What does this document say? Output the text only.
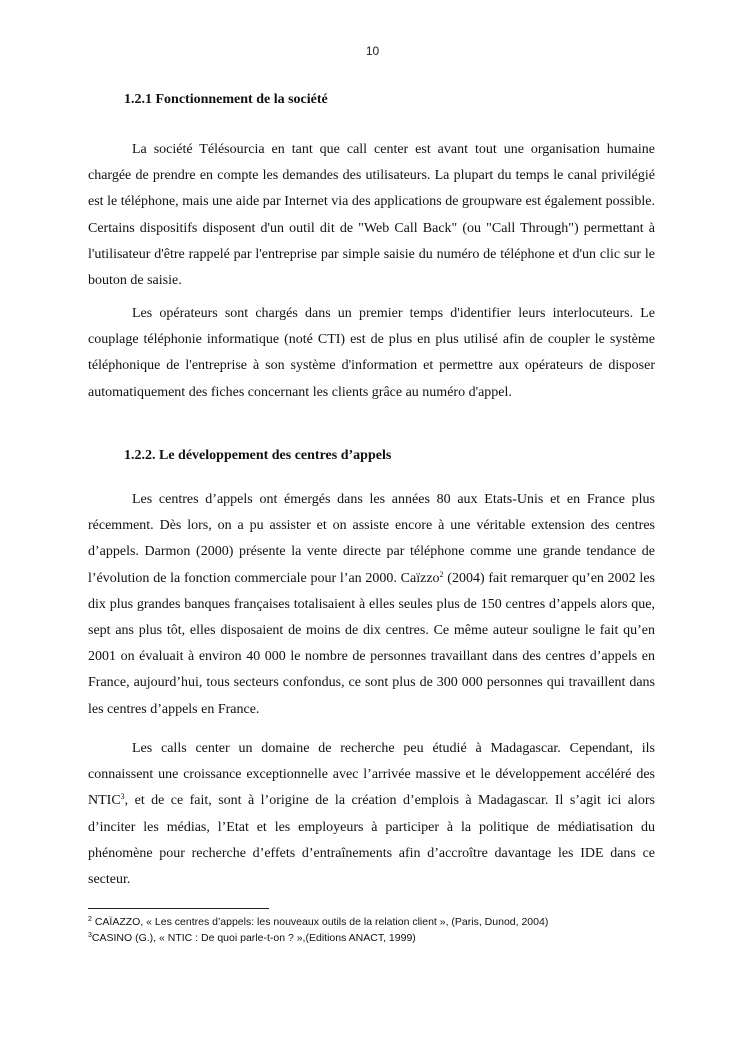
10
1.2.1 Fonctionnement de la société

La société Télésourcia en tant que call center est avant tout une organisation humaine chargée de prendre en compte les demandes des utilisateurs. La plupart du temps le canal privilégié est le téléphone, mais une aide par Internet via des applications de groupware est également possible. Certains dispositifs disposent d'un outil dit de "Web Call Back" (ou "Call Through") permettant à l'utilisateur d'être rappelé par l'entreprise par simple saisie du numéro de téléphone et d'un clic sur le bouton de saisie.

Les opérateurs sont chargés dans un premier temps d'identifier leurs interlocuteurs. Le couplage téléphonie informatique (noté CTI) est de plus en plus utilisé afin de coupler le système téléphonique de l'entreprise à son système d'information et permettre aux opérateurs de disposer automatiquement des fiches concernant les clients grâce au numéro d'appel.

1.2.2. Le développement des centres d’appels

Les centres d’appels ont émergés dans les années 80 aux Etats-Unis et en France plus récemment. Dès lors, on a pu assister et on assiste encore à une véritable extension des centres d’appels. Darmon (2000) présente la vente directe par téléphone comme une grande tendance de l’évolution de la fonction commerciale pour l’an 2000. Caïzzo$^2$ (2004) fait remarquer qu’en 2002 les dix plus grandes banques françaises totalisaient à elles seules plus de 150 centres d’appels alors que, sept ans plus tôt, elles disposaient de moins de dix centres. Ce même auteur souligne le fait qu’en 2001 on évaluait à environ 40 000 le nombre de personnes travaillant dans des centres d’appels en France, aujourd’hui, tous secteurs confondus, ce sont plus de 300 000 personnes qui travaillent dans les centres d’appels en France.

Les calls center un domaine de recherche peu étudié à Madagascar. Cependant, ils connaissent une croissance exceptionnelle avec l’arrivée massive et le développement accéléré des NTIC$^3$, et de ce fait, sont à l’origine de la création d’emplois à Madagascar. Il s’agit ici alors d’inciter les médias, l’Etat et les employeurs à participer à la politique de médiatisation du phénomène pour recherche d’effets d’entraînements afin d’accroître davantage les IDE dans ce secteur.

$^2$ CAÏAZZO, « Les centres d’appels: les nouveaux outils de la relation client », (Paris, Dunod, 2004)
$^3$CASINO (G.), « NTIC : De quoi parle-t-on ? »,(Editions ANACT, 1999)
